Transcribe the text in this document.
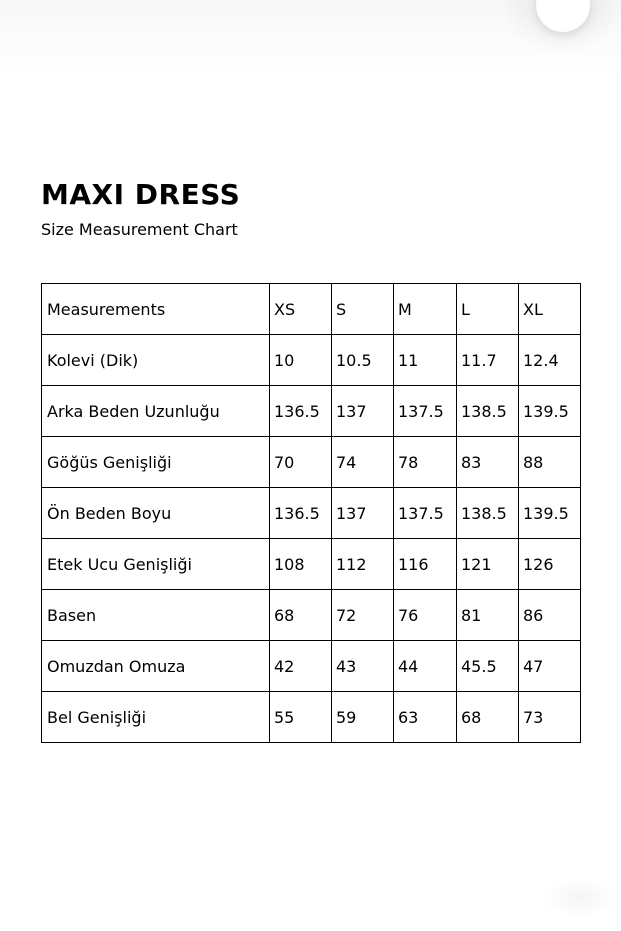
MAXI DRESS

Size Measurement Chart

Measurements	XS	S	M	L	XL
Kolevi (Dik)	10	10.5	11	11.7	12.4
Arka Beden Uzunluğu	136.5	137	137.5	138.5	139.5
Göğüs Genişliği	70	74	78	83	88
Ön Beden Boyu	136.5	137	137.5	138.5	139.5
Etek Ucu Genişliği	108	112	116	121	126
Basen	68	72	76	81	86
Omuzdan Omuza	42	43	44	45.5	47
Bel Genişliği	55	59	63	68	73
